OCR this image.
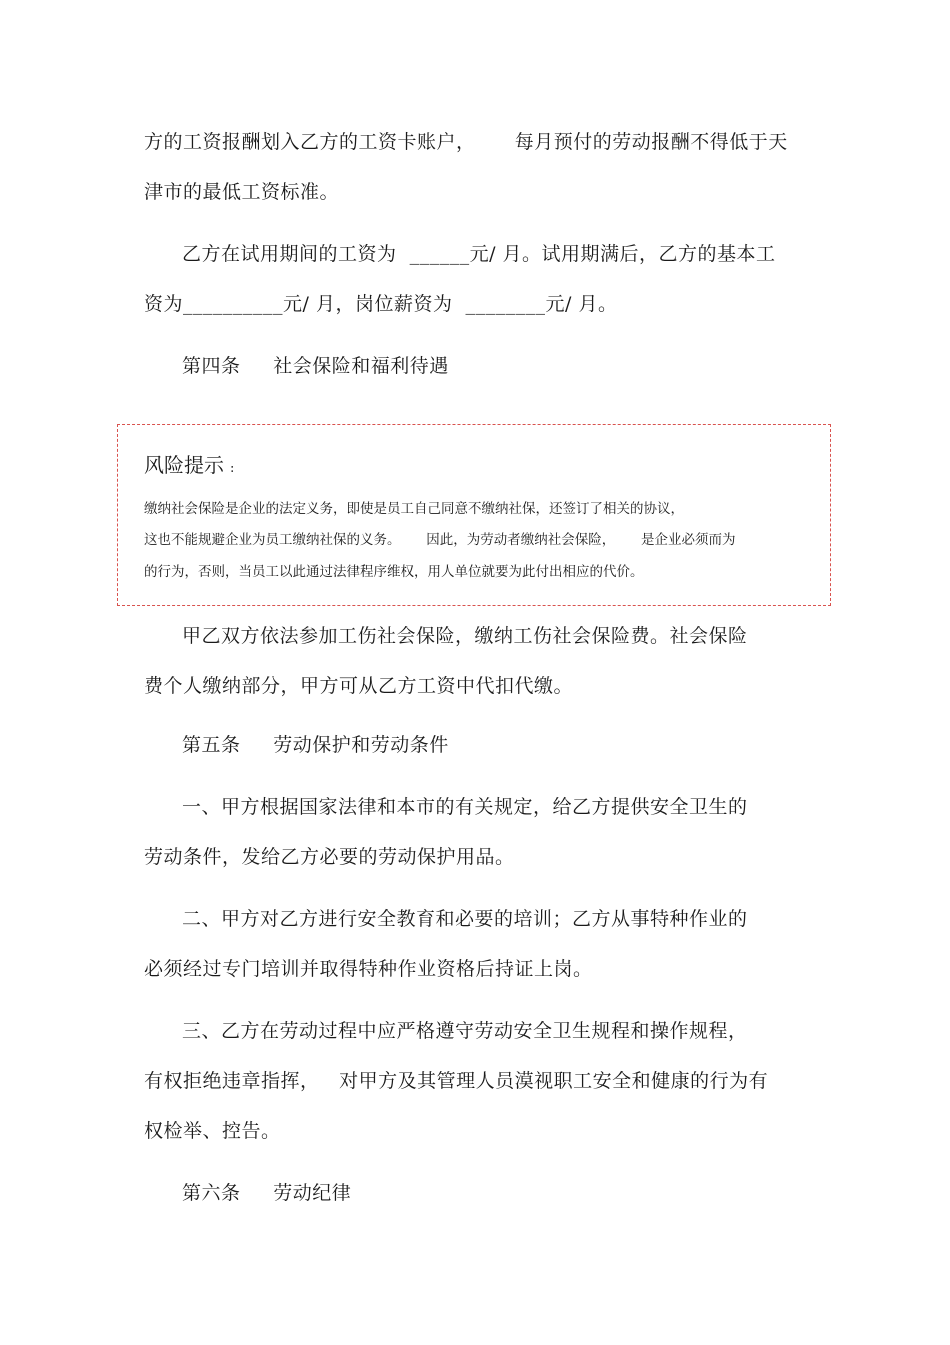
方的工资报酬划入乙方的工资卡账户，      每月预付的劳动报酬不得低于天
津市的最低工资标准。
乙方在试用期间的工资为  ______元/ 月。试用期满后，乙方的基本工
资为__________元/ 月，岗位薪资为  ________元/ 月。
第四条     社会保险和福利待遇
风险提示 :
缴纳社会保险是企业的法定义务，即使是员工自己同意不缴纳社保，还签订了相关的协议，
这也不能规避企业为员工缴纳社保的义务。      因此，为劳动者缴纳社会保险，      是企业必须而为
的行为，否则，当员工以此通过法律程序维权，用人单位就要为此付出相应的代价。
甲乙双方依法参加工伤社会保险，缴纳工伤社会保险费。社会保险
费个人缴纳部分，甲方可从乙方工资中代扣代缴。
第五条     劳动保护和劳动条件
一、甲方根据国家法律和本市的有关规定，给乙方提供安全卫生的
劳动条件，发给乙方必要的劳动保护用品。
二、甲方对乙方进行安全教育和必要的培训；乙方从事特种作业的
必须经过专门培训并取得特种作业资格后持证上岗。
三、乙方在劳动过程中应严格遵守劳动安全卫生规程和操作规程，
有权拒绝违章指挥，   对甲方及其管理人员漠视职工安全和健康的行为有
权检举、控告。
第六条     劳动纪律
